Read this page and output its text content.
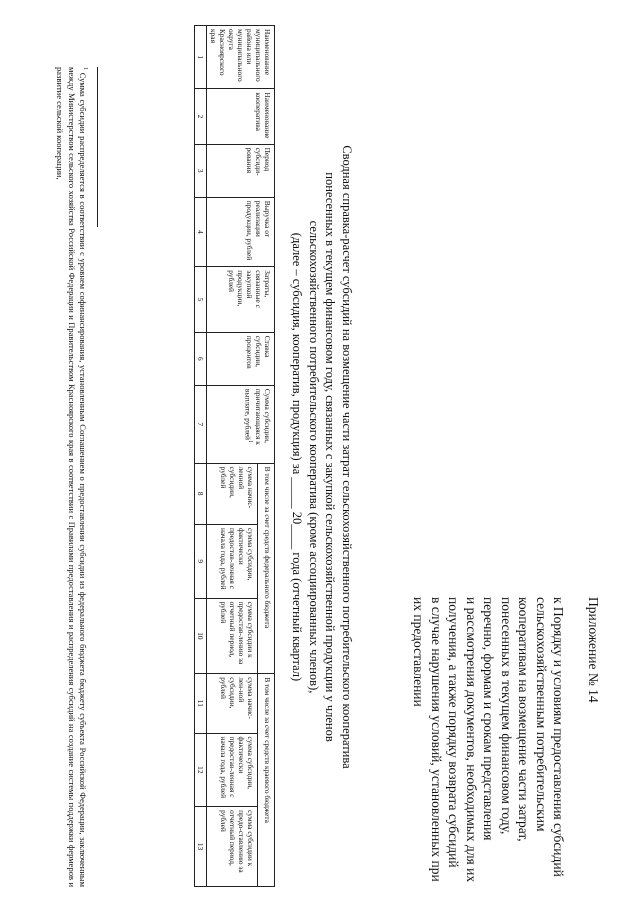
Приложение № 14

к Порядку и условиям предоставления субсидий
сельскохозяйственным потребительским
кооперативам на возмещение части затрат,
понесенных в текущем финансовом году,
перечню, формам и срокам представления
и рассмотрения документов, необходимых для их
получения, а также порядку возврата субсидий
в случае нарушения условий, установленных при
их предоставлении

Сводная справка-расчет субсидий на возмещение части затрат сельскохозяйственного потребительского кооператива
понесенных в текущем финансовом году, связанных с закупкой сельскохозяйственной продукции у членов
сельскохозяйственного потребительского кооператива (кроме ассоциированных членов),
(далее – субсидия, кооператив, продукция) за _____ 20____ года (отчетный квартал)
Наименование муниципального района или муниципального округа Красноярского края	Наименование кооператива	Период субсиди-рования	Выручка от реализации продукции, рублей	Затраты, связанные с закупкой продукции, рублей	Ставка субсидии, процентов	Сумма субсидии, причитающаяся к выплате, рублей$^1$	В том числе за счет средств федерального бюджета			В том числе за счет средств краевого бюджета		
							сумма начис-ленной субсидии, рублей	сумма субсидии, фактически предостав-ленная с начала года, рублей	сумма субсидии к предостав-лению за отчетный период, рублей	сумма начис-лен-ной субсидии, рублей	сумма субсидии, фактически предостав-ленная с начала года, рублей	сумма субсидии к предо-ставлению за отчетный период, рублей
1	2	3	4	5	6	7	8	9	10	11	12	13
$^1$ Сумма субсидии распределяется в соответствии с уровнем софинансирования, установленным Соглашением о предоставлении субсидии из федерального бюджета бюджету субъекта Российской Федерации, заключенным между Министерством сельского хозяйства Российской Федерации и Правительством Красноярского края в соответствии с Правилами предоставления и распределения субсидий на создание системы поддержки фермеров и развитие сельской кооперации,
